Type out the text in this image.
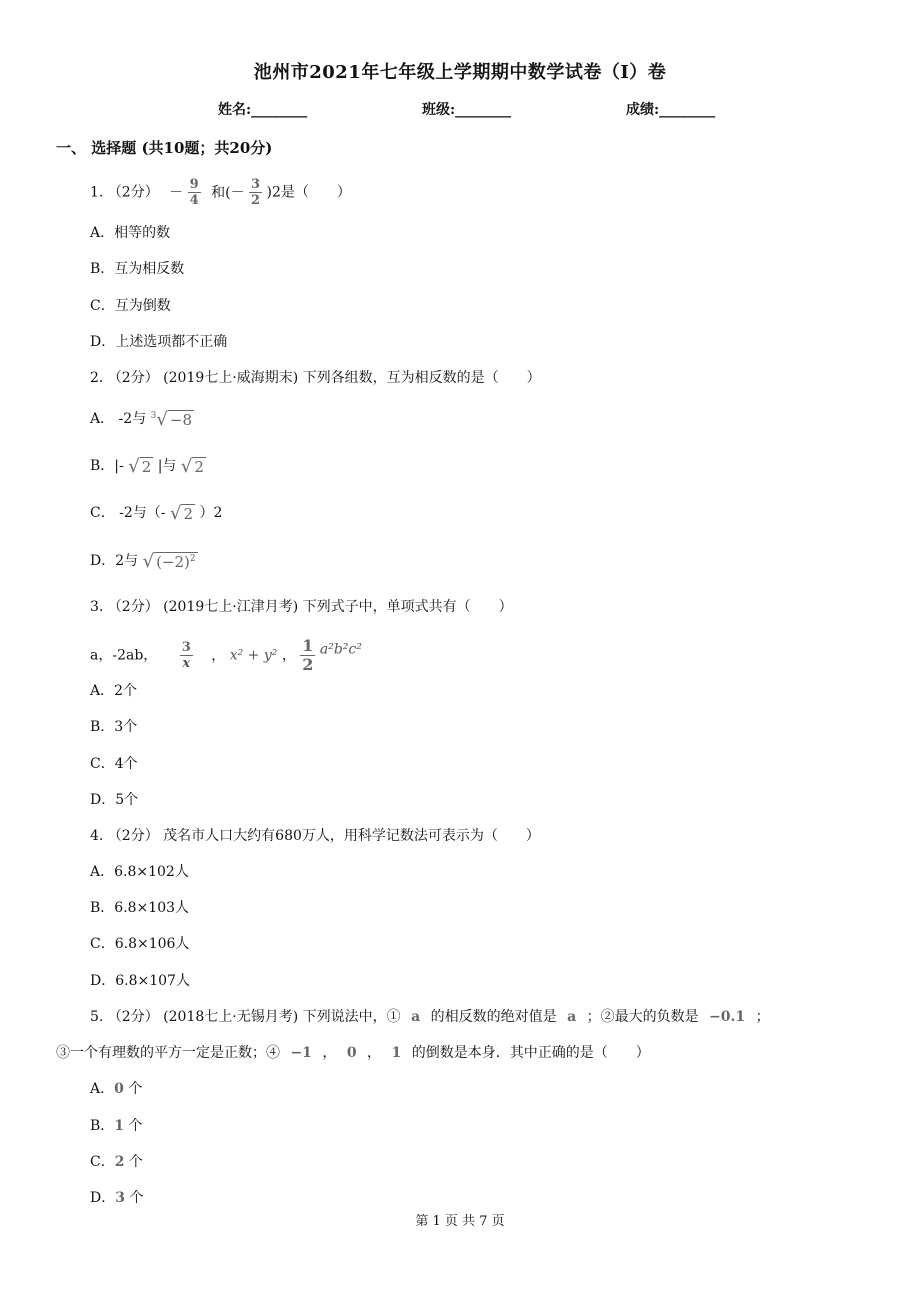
池州市2021年七年级上学期期中数学试卷（I）卷
姓名:________	班级:________	成绩:________
一、 选择题 (共10题；共20分)
1. （2分） － $\frac{9}{4}$ 和(－ $\frac{3}{2} )2$是（　　）
A．相等的数
B．互为相反数
C．互为倒数
D．上述选项都不正确
2. （2分） (2019七上·威海期末) 下列各组数，互为相反数的是（　　）
A． -2与 $^3$√ −8
B．|- √ 2 |与 √ 2
C． -2与（- √ 2 ）2
D．2与 √ $(-2)^2$
3. （2分） (2019七上·江津月考) 下列式子中，单项式共有（　　）
a，-2ab， $\frac{3}{x}$ ， x² + y² ， $\frac{1}{2} a^2b^2c^2$
A．2个
B．3个
C．4个
D．5个
4. （2分） 茂名市人口大约有680万人，用科学记数法可表示为（　　）
A．6.8×102人
B．6.8×103人
C．6.8×106人
D．6.8×107人
5. （2分） (2018七上·无锡月考) 下列说法中，① a 的相反数的绝对值是 a ；②最大的负数是 −0.1 ；
③一个有理数的平方一定是正数；④ −1 ， 0 ， 1 的倒数是本身．其中正确的是（　　）
A．0 个
B．1 个
C．2 个
D．3 个
第 1 页 共 7 页
